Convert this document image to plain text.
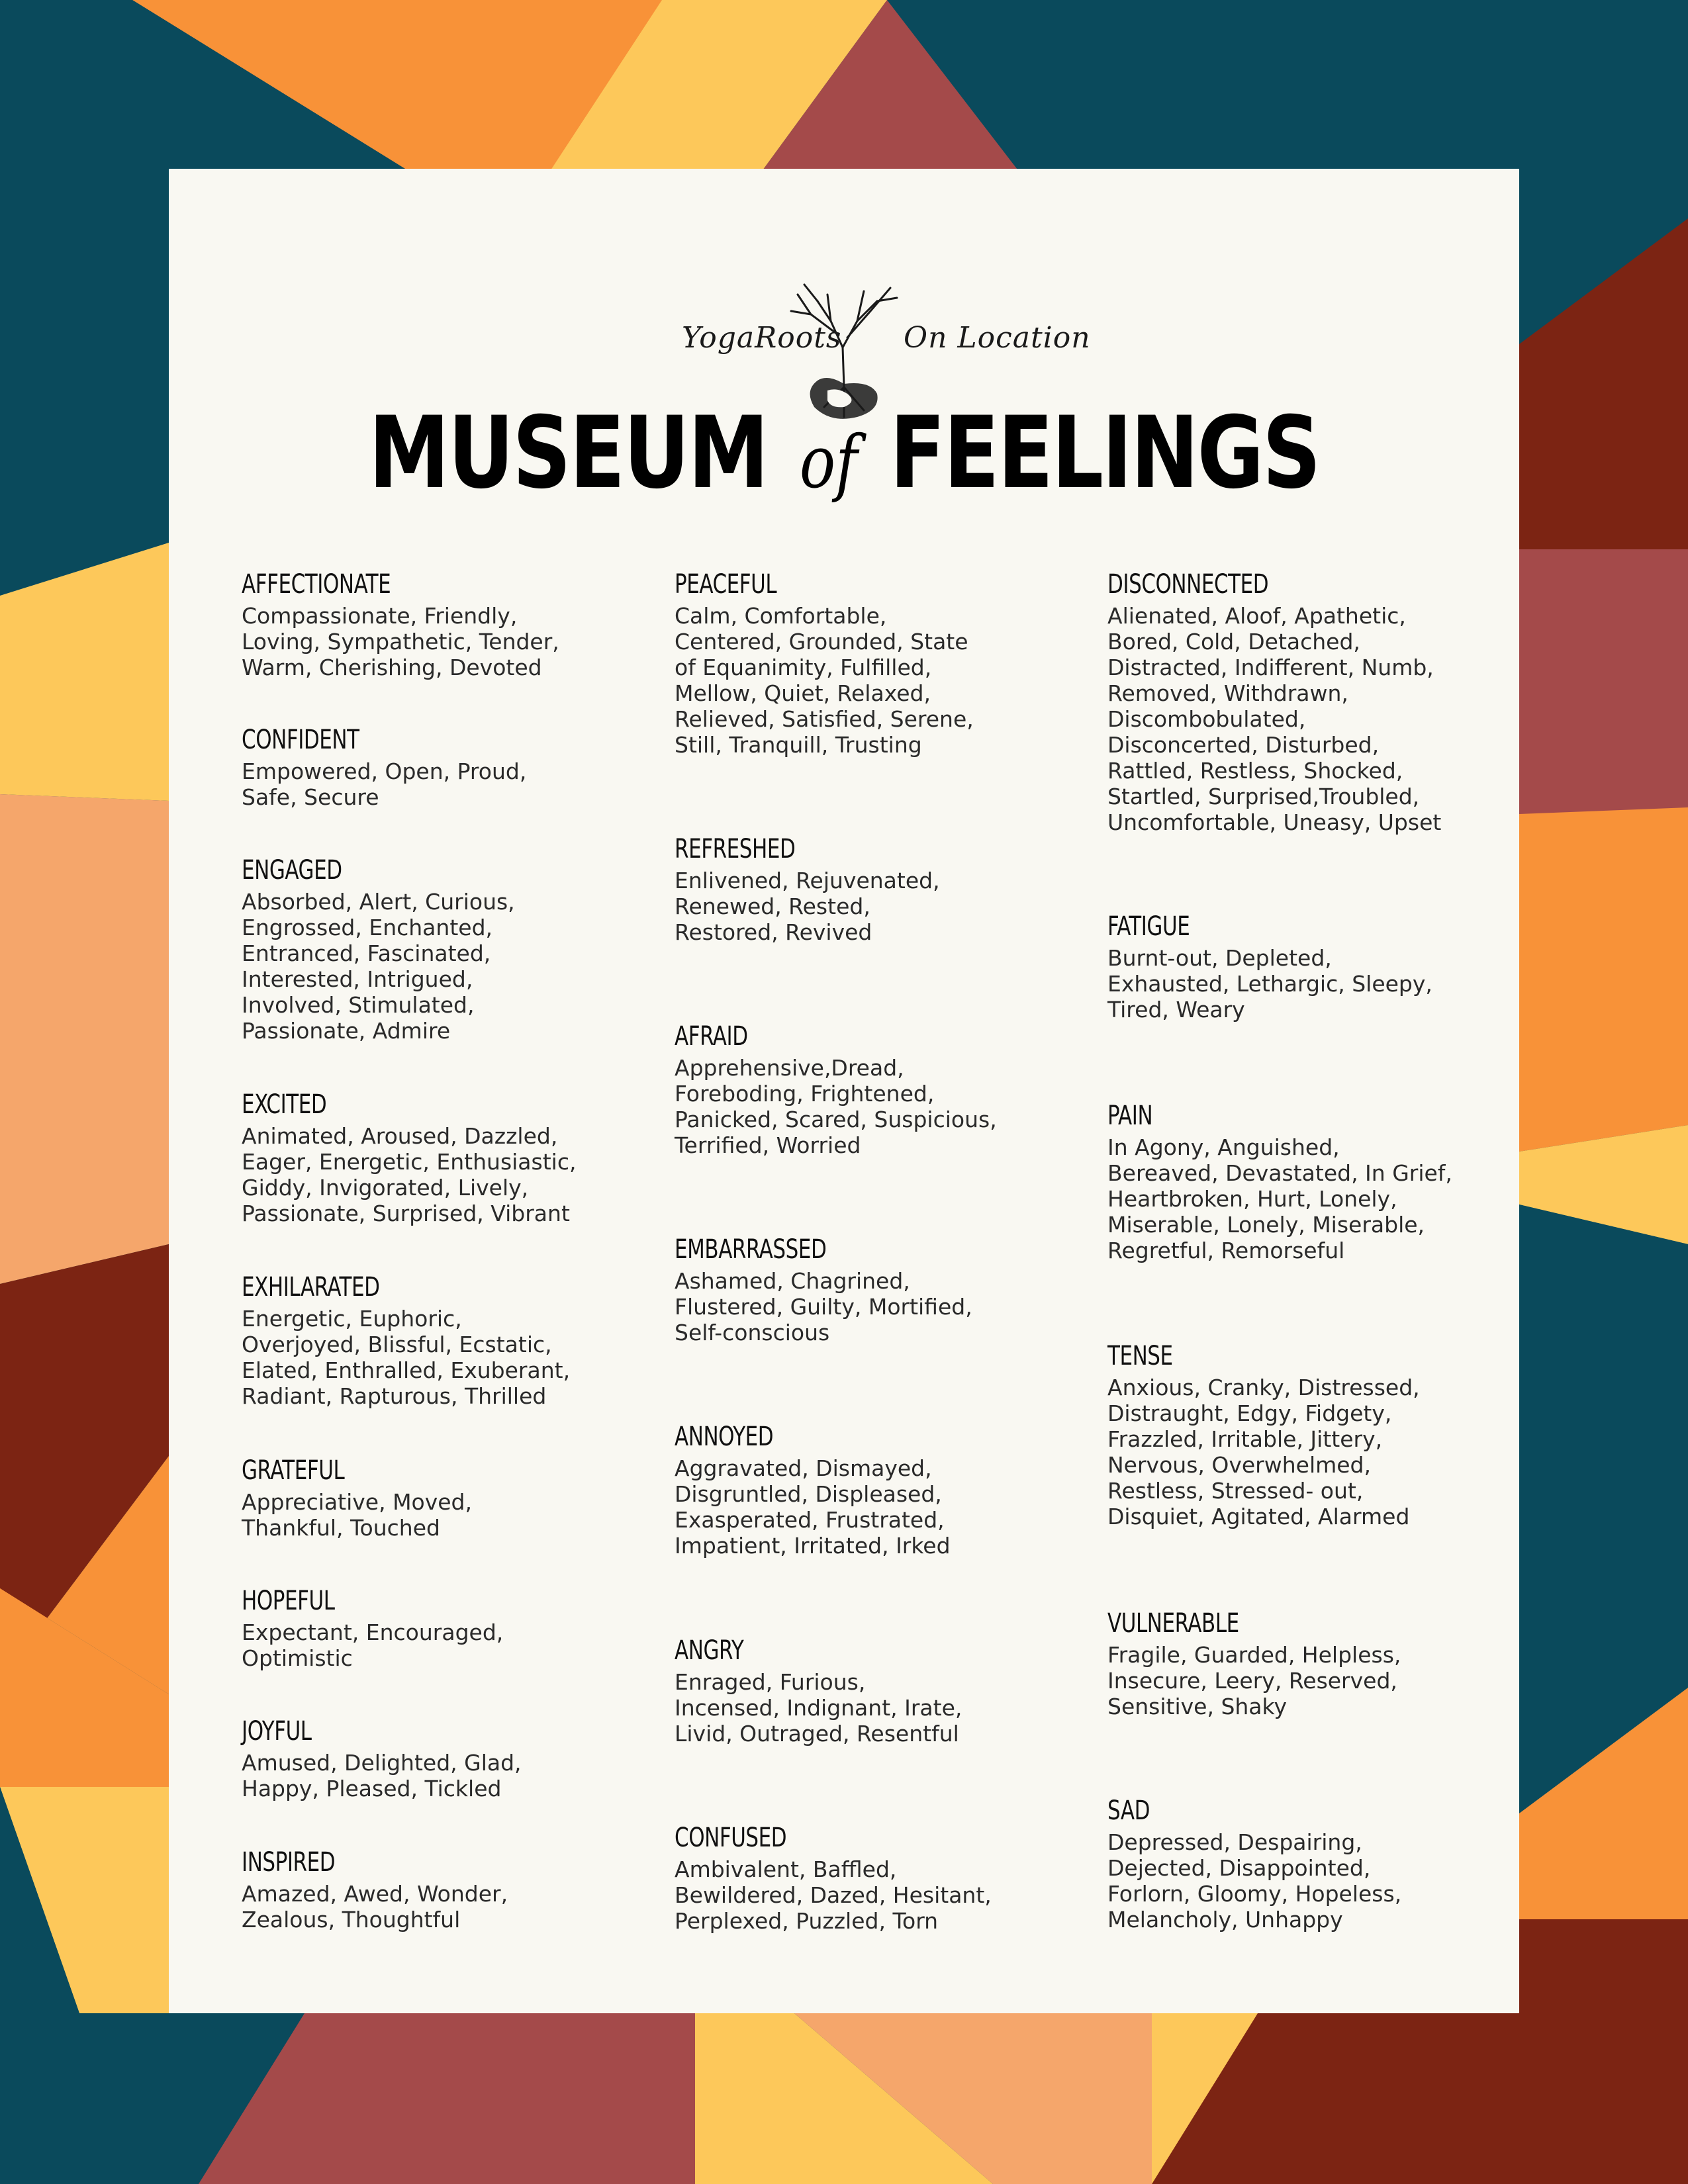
YogaRoots On Location
MUSEUM of FEELINGS
AFFECTIONATE

Compassionate, Friendly,
Loving, Sympathetic, Tender,
Warm, Cherishing, Devoted

CONFIDENT

Empowered, Open, Proud,
Safe, Secure

ENGAGED

Absorbed, Alert, Curious,
Engrossed, Enchanted,
Entranced, Fascinated,
Interested, Intrigued,
Involved, Stimulated,
Passionate, Admire

EXCITED

Animated, Aroused, Dazzled,
Eager, Energetic, Enthusiastic,
Giddy, Invigorated, Lively,
Passionate, Surprised, Vibrant

EXHILARATED

Energetic, Euphoric,
Overjoyed, Blissful, Ecstatic,
Elated, Enthralled, Exuberant,
Radiant, Rapturous, Thrilled

GRATEFUL

Appreciative, Moved,
Thankful, Touched

HOPEFUL

Expectant, Encouraged,
Optimistic

JOYFUL

Amused, Delighted, Glad,
Happy, Pleased, Tickled

INSPIRED

Amazed, Awed, Wonder,
Zealous, Thoughtful

PEACEFUL

Calm, Comfortable,
Centered, Grounded, State
of Equanimity, Fulfilled,
Mellow, Quiet, Relaxed,
Relieved, Satisfied, Serene,
Still, Tranquill, Trusting

REFRESHED

Enlivened, Rejuvenated,
Renewed, Rested,
Restored, Revived

AFRAID

Apprehensive,Dread,
Foreboding, Frightened,
Panicked, Scared, Suspicious,
Terrified, Worried

EMBARRASSED

Ashamed, Chagrined,
Flustered, Guilty, Mortified,
Self-conscious

ANNOYED

Aggravated, Dismayed,
Disgruntled, Displeased,
Exasperated, Frustrated,
Impatient, Irritated, Irked

ANGRY

Enraged, Furious,
Incensed, Indignant, Irate,
Livid, Outraged, Resentful

CONFUSED

Ambivalent, Baffled,
Bewildered, Dazed, Hesitant,
Perplexed, Puzzled, Torn

DISCONNECTED

Alienated, Aloof, Apathetic,
Bored, Cold, Detached,
Distracted, Indifferent, Numb,
Removed, Withdrawn,
Discombobulated,
Disconcerted, Disturbed,
Rattled, Restless, Shocked,
Startled, Surprised,Troubled,
Uncomfortable, Uneasy, Upset

FATIGUE

Burnt-out, Depleted,
Exhausted, Lethargic, Sleepy,
Tired, Weary

PAIN

In Agony, Anguished,
Bereaved, Devastated, In Grief,
Heartbroken, Hurt, Lonely,
Miserable, Lonely, Miserable,
Regretful, Remorseful

TENSE

Anxious, Cranky, Distressed,
Distraught, Edgy, Fidgety,
Frazzled, Irritable, Jittery,
Nervous, Overwhelmed,
Restless, Stressed- out,
Disquiet, Agitated, Alarmed

VULNERABLE

Fragile, Guarded, Helpless,
Insecure, Leery, Reserved,
Sensitive, Shaky

SAD

Depressed, Despairing,
Dejected, Disappointed,
Forlorn, Gloomy, Hopeless,
Melancholy, Unhappy
